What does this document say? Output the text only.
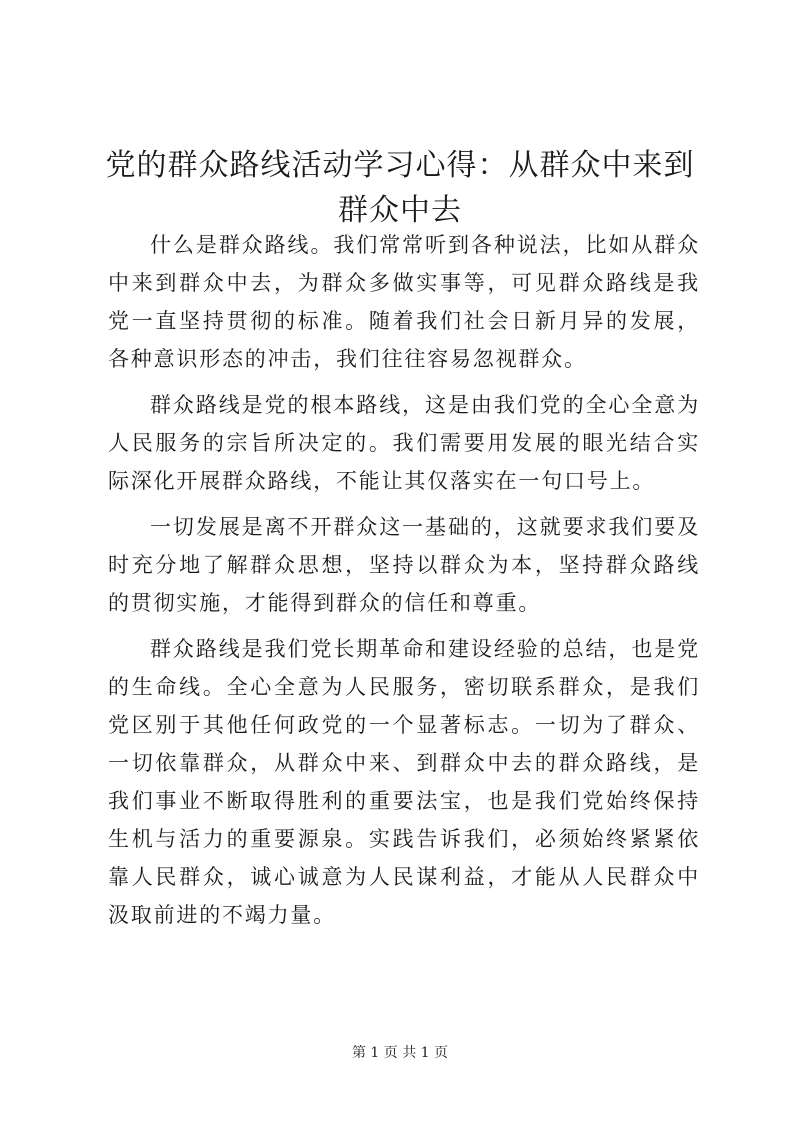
党的群众路线活动学习心得：从群众中来到群众中去

什么是群众路线。我们常常听到各种说法，比如从群众中来到群众中去，为群众多做实事等，可见群众路线是我党一直坚持贯彻的标准。随着我们社会日新月异的发展，各种意识形态的冲击，我们往往容易忽视群众。

群众路线是党的根本路线，这是由我们党的全心全意为人民服务的宗旨所决定的。我们需要用发展的眼光结合实际深化开展群众路线，不能让其仅落实在一句口号上。

一切发展是离不开群众这一基础的，这就要求我们要及时充分地了解群众思想，坚持以群众为本，坚持群众路线的贯彻实施，才能得到群众的信任和尊重。

群众路线是我们党长期革命和建设经验的总结，也是党的生命线。全心全意为人民服务，密切联系群众，是我们党区别于其他任何政党的一个显著标志。一切为了群众、一切依靠群众，从群众中来、到群众中去的群众路线，是我们事业不断取得胜利的重要法宝，也是我们党始终保持生机与活力的重要源泉。实践告诉我们，必须始终紧紧依靠人民群众，诚心诚意为人民谋利益，才能从人民群众中汲取前进的不竭力量。

第 1 页 共 1 页
